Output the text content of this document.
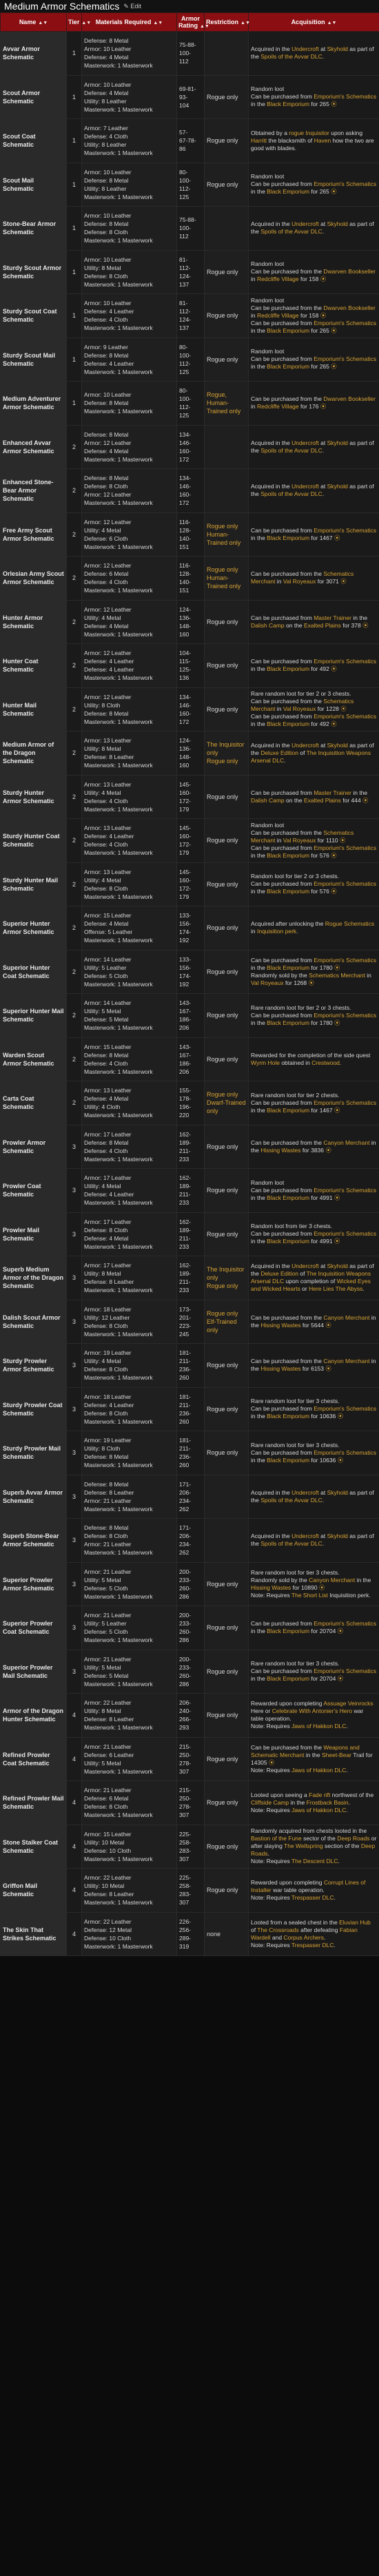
Medium Armor Schematics ✎ Edit
Name ▲▼	Tier ▲▼	Materials Required ▲▼	Armor Rating ▲▼	Restriction ▲▼	Acquisition ▲▼
Avvar Armor Schematic	1	Defense: 8 Metal
Armor: 10 Leather
Defense: 4 Metal
Masterwork: 1 Masterwork	75-88-
100-
112		Acquired in the Undercroft at Skyhold as part of the Spoils of the Avvar DLC.
Scout Armor Schematic	1	Armor: 10 Leather
Defense: 4 Metal
Utility: 8 Leather
Masterwork: 1 Masterwork	69-81-
93-
104	Rogue only	Random loot
Can be purchased from Emporium's Schematics in the Black Emporium for 265 ⦿
Scout Coat Schematic	1	Armor: 7 Leather
Defense: 4 Cloth
Utility: 8 Leather
Masterwork: 1 Masterwork	57-
67-78-
86	Rogue only	Obtained by a rogue Inquisitor upon asking Harritt the blacksmith of Haven how the two are good with blades.
Scout Mail Schematic	1	Armor: 10 Leather
Defense: 8 Metal
Utility: 8 Leather
Masterwork: 1 Masterwork	80-
100-
112-
125	Rogue only	Random loot
Can be purchased from Emporium's Schematics in the Black Emporium for 265 ⦿
Stone-Bear Armor Schematic	1	Armor: 10 Leather
Defense: 8 Metal
Defense: 8 Cloth
Masterwork: 1 Masterwork	75-88-
100-
112		Acquired in the Undercroft at Skyhold as part of the Spoils of the Avvar DLC.
Sturdy Scout Armor Schematic	1	Armor: 10 Leather
Utility: 8 Metal
Defense: 8 Cloth
Masterwork: 1 Masterwork	81-
112-
124-
137	Rogue only	Random loot
Can be purchased from the Dwarven Bookseller in Redcliffe Village for 158 ⦿
Sturdy Scout Coat Schematic	1	Armor: 10 Leather
Defense: 4 Leather
Defense: 4 Cloth
Masterwork: 1 Masterwork	81-
112-
124-
137	Rogue only	Random loot
Can be purchased from the Dwarven Bookseller in Redcliffe Village for 158 ⦿
Can be purchased from Emporium's Schematics in the Black Emporium for 265 ⦿
Sturdy Scout Mail Schematic	1	Armor: 9 Leather
Defense: 8 Metal
Defense: 4 Leather
Masterwork: 1 Masterwork	80-
100-
112-
125	Rogue only	Random loot
Can be purchased from Emporium's Schematics in the Black Emporium for 265 ⦿
Medium Adventurer Armor Schematic	1	Armor: 10 Leather
Defense: 8 Metal
Masterwork: 1 Masterwork	80-
100-
112-
125	Rogue, Human-Trained only	Can be purchased from the Dwarven Bookseller in Redcliffe Village for 176 ⦿
Enhanced Avvar Armor Schematic	2	Defense: 8 Metal
Armor: 12 Leather
Defense: 4 Metal
Masterwork: 1 Masterwork	134-
146-
160-
172		Acquired in the Undercroft at Skyhold as part of the Spoils of the Avvar DLC.
Enhanced Stone-Bear Armor Schematic	2	Defense: 8 Metal
Defense: 8 Cloth
Armor: 12 Leather
Masterwork: 1 Masterwork	134-
146-
160-
172		Acquired in the Undercroft at Skyhold as part of the Spoils of the Avvar DLC.
Free Army Scout Armor Schematic	2	Armor: 12 Leather
Utility: 4 Metal
Defense: 6 Cloth
Masterwork: 1 Masterwork	116-
128-
140-
151	Rogue only
Human-Trained only	Can be purchased from Emporium's Schematics in the Black Emporium for 1467 ⦿
Orlesian Army Scout Armor Schematic	2	Armor: 12 Leather
Defense: 6 Metal
Defense: 4 Cloth
Masterwork: 1 Masterwork	116-
128-
140-
151	Rogue only
Human-Trained only	Can be purchased from the Schematics Merchant in Val Royeaux for 3071 ⦿
Hunter Armor Schematic	2	Armor: 12 Leather
Utility: 4 Metal
Defense: 4 Metal
Masterwork: 1 Masterwork	124-
136-
148-
160	Rogue only	Can be purchased from Master Trainer in the Dalish Camp on the Exalted Plains for 378 ⦿
Hunter Coat Schematic	2	Armor: 12 Leather
Defense: 4 Leather
Defense: 4 Leather
Masterwork: 1 Masterwork	104-
115-
125-
136	Rogue only	Can be purchased from Emporium's Schematics in the Black Emporium for 492 ⦿
Hunter Mail Schematic	2	Armor: 12 Leather
Utility: 8 Cloth
Defense: 8 Metal
Masterwork: 1 Masterwork	134-
146-
160-
172	Rogue only	Rare random loot for tier 2 or 3 chests.
Can be purchased from the Schematics Merchant in Val Royeaux for 1228 ⦿
Can be purchased from Emporium's Schematics in the Black Emporium for 492 ⦿
Medium Armor of the Dragon Schematic	2	Armor: 13 Leather
Utility: 8 Metal
Defense: 8 Leather
Masterwork: 1 Masterwork	124-
136-
148-
160	The Inquisitor only
Rogue only	Acquired in the Undercroft at Skyhold as part of the Deluxe Edition of The Inquisition Weapons Arsenal DLC.
Sturdy Hunter Armor Schematic	2	Armor: 13 Leather
Utility: 4 Metal
Defense: 4 Cloth
Masterwork: 1 Masterwork	145-
160-
172-
179	Rogue only	Can be purchased from Master Trainer in the Dalish Camp on the Exalted Plains for 444 ⦿
Sturdy Hunter Coat Schematic	2	Armor: 13 Leather
Defense: 4 Leather
Defense: 4 Cloth
Masterwork: 1 Masterwork	145-
160-
172-
179	Rogue only	Random loot
Can be purchased from the Schematics Merchant in Val Royeaux for 1110 ⦿
Can be purchased from Emporium's Schematics in the Black Emporium for 576 ⦿
Sturdy Hunter Mail Schematic	2	Armor: 13 Leather
Utility: 4 Metal
Defense: 8 Cloth
Masterwork: 1 Masterwork	145-
160-
172-
179	Rogue only	Random loot for tier 2 or 3 chests.
Can be purchased from Emporium's Schematics in the Black Emporium for 576 ⦿
Superior Hunter Armor Schematic	2	Armor: 15 Leather
Defense: 4 Metal
Offense: 5 Leather
Masterwork: 1 Masterwork	133-
156-
174-
192	Rogue only	Acquired after unlocking the Rogue Schematics in Inquisition perk.
Superior Hunter Coat Schematic	2	Armor: 14 Leather
Utility: 5 Leather
Defense: 5 Cloth
Masterwork: 1 Masterwork	133-
156-
174-
192	Rogue only	Can be purchased from Emporium's Schematics in the Black Emporium for 1780 ⦿
Randomly sold by the Schematics Merchant in Val Royeaux for 1268 ⦿
Superior Hunter Mail Schematic	2	Armor: 14 Leather
Utility: 5 Metal
Defense: 5 Metal
Masterwork: 1 Masterwork	143-
167-
186-
206	Rogue only	Rare random loot for tier 2 or 3 chests.
Can be purchased from Emporium's Schematics in the Black Emporium for 1780 ⦿
Warden Scout Armor Schematic	2	Armor: 15 Leather
Defense: 8 Metal
Defense: 4 Cloth
Masterwork: 1 Masterwork	143-
167-
186-
206	Rogue only	Rewarded for the completion of the side quest Wyrm Hole obtained in Crestwood.
Carta Coat Schematic	2	Armor: 13 Leather
Defense: 4 Metal
Utility: 4 Cloth
Masterwork: 1 Masterwork	155-
178-
196-
220	Rogue only
Dwarf-Trained only	Rare random loot for tier 2 chests.
Can be purchased from Emporium's Schematics in the Black Emporium for 1467 ⦿
Prowler Armor Schematic	3	Armor: 17 Leather
Defense: 8 Metal
Defense: 4 Cloth
Masterwork: 1 Masterwork	162-
189-
211-
233	Rogue only	Can be purchased from the Canyon Merchant in the Hissing Wastes for 3836 ⦿
Prowler Coat Schematic	3	Armor: 17 Leather
Utility: 4 Metal
Defense: 4 Leather
Masterwork: 1 Masterwork	162-
189-
211-
233	Rogue only	Random loot
Can be purchased from Emporium's Schematics in the Black Emporium for 4991 ⦿
Prowler Mail Schematic	3	Armor: 17 Leather
Defense: 8 Cloth
Defense: 4 Metal
Masterwork: 1 Masterwork	162-
189-
211-
233	Rogue only	Random loot from tier 3 chests.
Can be purchased from Emporium's Schematics in the Black Emporium for 4991 ⦿
Superb Medium Armor of the Dragon Schematic	3	Armor: 17 Leather
Utility: 8 Metal
Defense: 8 Leather
Masterwork: 1 Masterwork	162-
189-
211-
233	The Inquisitor only
Rogue only	Acquired in the Undercroft at Skyhold as part of the Deluxe Edition of The Inquisition Weapons Arsenal DLC upon completion of Wicked Eyes and Wicked Hearts or Here Lies The Abyss.
Dalish Scout Armor Schematic	3	Armor: 18 Leather
Utility: 12 Leather
Defense: 8 Cloth
Masterwork: 1 Masterwork	173-
201-
223-
245	Rogue only
Elf-Trained only	Can be purchased from the Canyon Merchant in the Hissing Wastes for 5644 ⦿
Sturdy Prowler Armor Schematic	3	Armor: 19 Leather
Utility: 4 Metal
Defense: 8 Cloth
Masterwork: 1 Masterwork	181-
211-
236-
260	Rogue only	Can be purchased from the Canyon Merchant in the Hissing Wastes for 6153 ⦿
Sturdy Prowler Coat Schematic	3	Armor: 18 Leather
Defense: 4 Leather
Defense: 8 Cloth
Masterwork: 1 Masterwork	181-
211-
236-
260	Rogue only	Rare random loot for tier 3 chests.
Can be purchased from Emporium's Schematics in the Black Emporium for 10636 ⦿
Sturdy Prowler Mail Schematic	3	Armor: 19 Leather
Utility: 8 Cloth
Defense: 8 Metal
Masterwork: 1 Masterwork	181-
211-
236-
260	Rogue only	Rare random loot for tier 3 chests.
Can be purchased from Emporium's Schematics in the Black Emporium for 10636 ⦿
Superb Avvar Armor Schematic	3	Defense: 8 Metal
Defense: 8 Leather
Armor: 21 Leather
Masterwork: 1 Masterwork	171-
206-
234-
262		Acquired in the Undercroft at Skyhold as part of the Spoils of the Avvar DLC.
Superb Stone-Bear Armor Schematic	3	Defense: 8 Metal
Defense: 8 Cloth
Armor: 21 Leather
Masterwork: 1 Masterwork	171-
206-
234-
262		Acquired in the Undercroft at Skyhold as part of the Spoils of the Avvar DLC.
Superior Prowler Armor Schematic	3	Armor: 21 Leather
Utility: 5 Metal
Defense: 5 Cloth
Masterwork: 1 Masterwork	200-
233-
260-
286	Rogue only	Rare random loot for tier 3 chests.
Randomly sold by the Canyon Merchant in the Hissing Wastes for 10890 ⦿
Note: Requires The Short List Inquisition perk.
Superior Prowler Coat Schematic	3	Armor: 21 Leather
Utility: 5 Leather
Defense: 5 Cloth
Masterwork: 1 Masterwork	200-
233-
260-
286	Rogue only	Can be purchased from Emporium's Schematics in the Black Emporium for 20704 ⦿
Superior Prowler Mail Schematic	3	Armor: 21 Leather
Utility: 5 Metal
Defense: 5 Metal
Masterwork: 1 Masterwork	200-
233-
260-
286	Rogue only	Rare random loot for tier 3 chests.
Can be purchased from Emporium's Schematics in the Black Emporium for 20704 ⦿
Armor of the Dragon Hunter Schematic	4	Armor: 22 Leather
Utility: 8 Metal
Defense: 8 Leather
Masterwork: 1 Masterwork	206-
240-
266-
293	Rogue only	Rewarded upon completing Assuage Veinrocks Here or Celebrate With Antonier's Hero war table operation.
Note: Requires Jaws of Hakkon DLC.
Refined Prowler Coat Schematic	4	Armor: 21 Leather
Defense: 6 Leather
Utility: 5 Metal
Masterwork: 1 Masterwork	215-
250-
278-
307	Rogue only	Can be purchased from the Weapons and Schematic Merchant in the Sheet-Bear Trail for 14305 ⦿
Note: Requires Jaws of Hakkon DLC.
Refined Prowler Mail Schematic	4	Armor: 21 Leather
Defense: 6 Metal
Defense: 8 Cloth
Masterwork: 1 Masterwork	215-
250-
278-
307	Rogue only	Looted upon seeing a Fade rift northwest of the Cliffside Camp in the Frostback Basin.
Note: Requires Jaws of Hakkon DLC.
Stone Stalker Coat Schematic	4	Armor: 15 Leather
Utility: 10 Metal
Defense: 10 Cloth
Masterwork: 1 Masterwork	225-
258-
283-
307	Rogue only	Randomly acquired from chests looted in the Bastion of the Fune sector of the Deep Roads or after slaying The Wellspring section of the Deep Roads.
Note: Requires The Descent DLC.
Griffon Mail Schematic	4	Armor: 22 Leather
Utility: 10 Metal
Defense: 8 Leather
Masterwork: 1 Masterwork	225-
258-
283-
307	Rogue only	Rewarded upon completing Corrupt Lines of Installer war table operation.
Note: Requires Trespasser DLC.
The Skin That Strikes Schematic	4	Armor: 22 Leather
Defense: 12 Metal
Defense: 10 Cloth
Masterwork: 1 Masterwork	226-
256-
289-
319	none	Looted from a sealed chest in the Eluvian Hub of The Crossroads after defeating Fabian Wardell and Corpus Archers.
Note: Requires Trespasser DLC.
